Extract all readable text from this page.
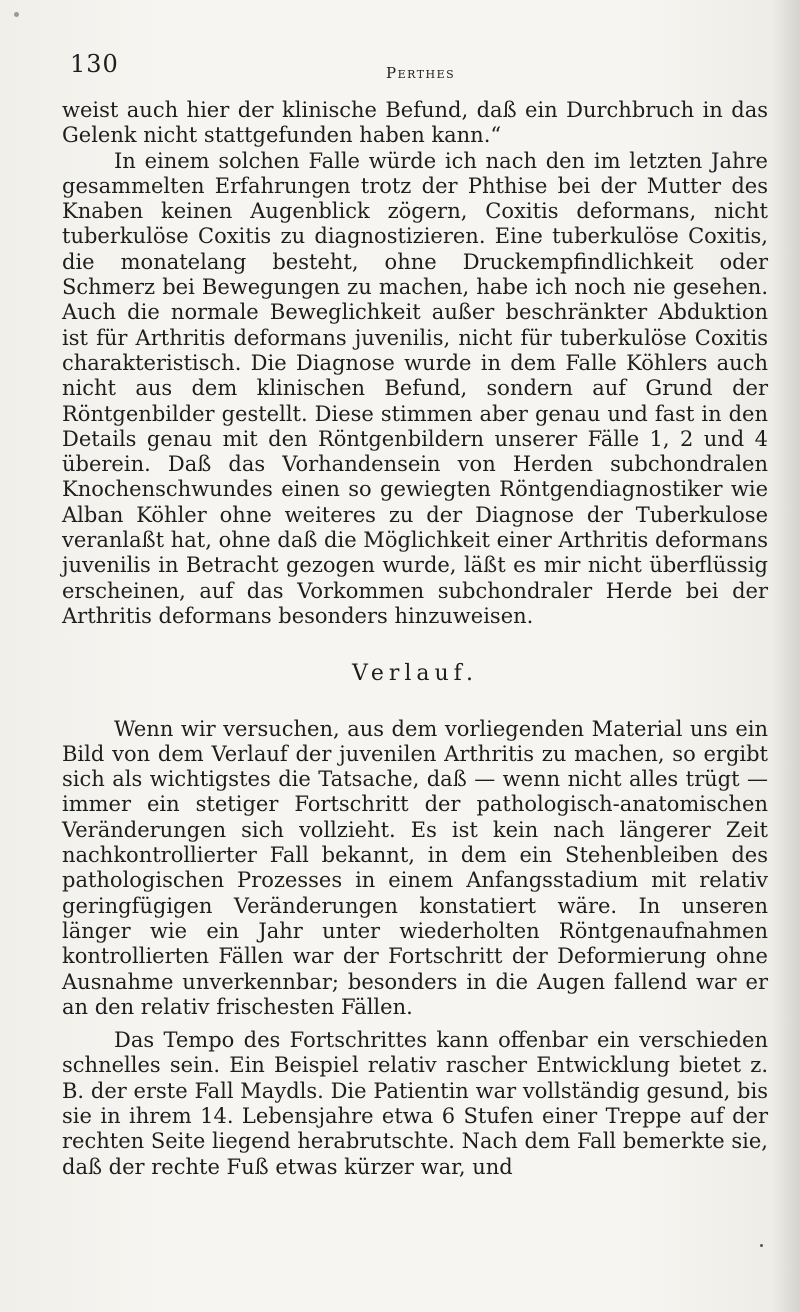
130	Perthes

weist auch hier der klinische Befund, daß ein Durchbruch in das Gelenk nicht stattgefunden haben kann.“

In einem solchen Falle würde ich nach den im letzten Jahre gesammelten Erfahrungen trotz der Phthise bei der Mutter des Knaben keinen Augenblick zögern, Coxitis deformans, nicht tuberkulöse Coxitis zu diagnostizieren. Eine tuberkulöse Coxitis, die monatelang besteht, ohne Druckempfindlichkeit oder Schmerz bei Bewegungen zu machen, habe ich noch nie gesehen. Auch die normale Beweglichkeit außer beschränkter Abduktion ist für Arthritis deformans juvenilis, nicht für tuberkulöse Coxitis charakteristisch. Die Diagnose wurde in dem Falle Köhlers auch nicht aus dem klinischen Befund, sondern auf Grund der Röntgenbilder gestellt. Diese stimmen aber genau und fast in den Details genau mit den Röntgenbildern unserer Fälle 1, 2 und 4 überein. Daß das Vorhandensein von Herden subchondralen Knochenschwundes einen so gewiegten Röntgendiagnostiker wie Alban Köhler ohne weiteres zu der Diagnose der Tuberkulose veranlaßt hat, ohne daß die Möglichkeit einer Arthritis deformans juvenilis in Betracht gezogen wurde, läßt es mir nicht überflüssig erscheinen, auf das Vorkommen subchondraler Herde bei der Arthritis deformans besonders hinzuweisen.

Verlauf.

Wenn wir versuchen, aus dem vorliegenden Material uns ein Bild von dem Verlauf der juvenilen Arthritis zu machen, so ergibt sich als wichtigstes die Tatsache, daß — wenn nicht alles trügt — immer ein stetiger Fortschritt der pathologisch-anatomischen Veränderungen sich vollzieht. Es ist kein nach längerer Zeit nachkontrollierter Fall bekannt, in dem ein Stehenbleiben des pathologischen Prozesses in einem Anfangsstadium mit relativ geringfügigen Veränderungen konstatiert wäre. In unseren länger wie ein Jahr unter wiederholten Röntgenaufnahmen kontrollierten Fällen war der Fortschritt der Deformierung ohne Ausnahme unverkennbar; besonders in die Augen fallend war er an den relativ frischesten Fällen.

Das Tempo des Fortschrittes kann offenbar ein verschieden schnelles sein. Ein Beispiel relativ rascher Entwicklung bietet z. B. der erste Fall Maydls. Die Patientin war vollständig gesund, bis sie in ihrem 14. Lebensjahre etwa 6 Stufen einer Treppe auf der rechten Seite liegend herabrutschte. Nach dem Fall bemerkte sie, daß der rechte Fuß etwas kürzer war, und
